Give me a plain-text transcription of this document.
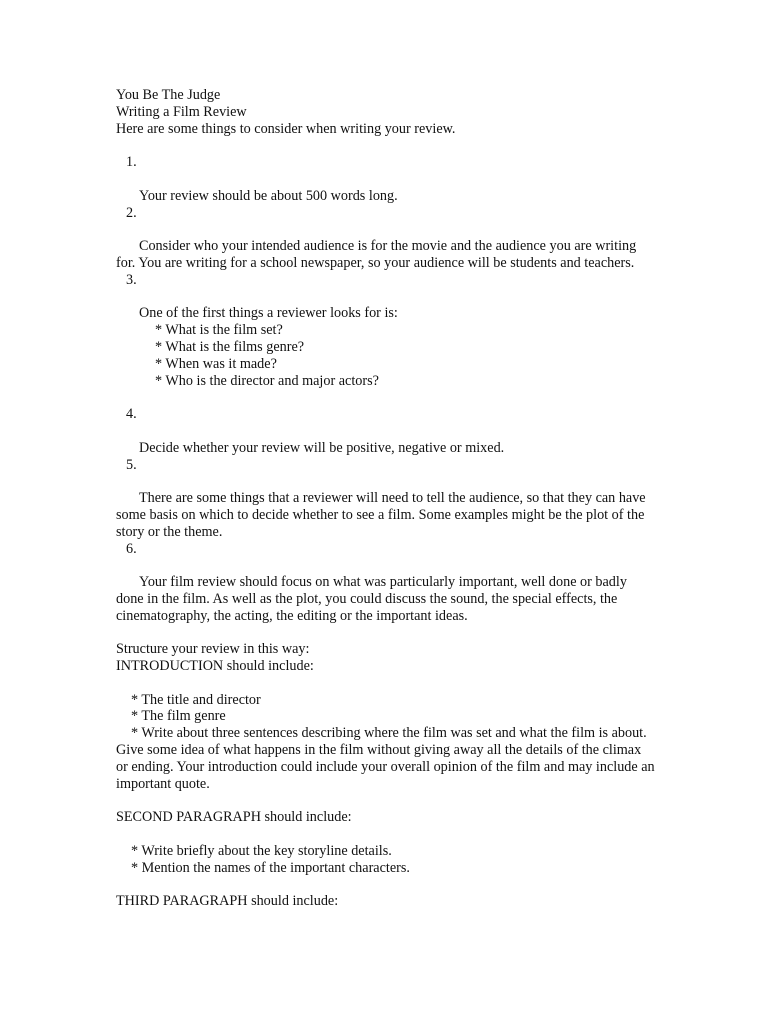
You Be The Judge
Writing a Film Review
Here are some things to consider when writing your review.
1.
Your review should be about 500 words long.
2.
Consider who your intended audience is for the movie and the audience you are writing for. You are writing for a school newspaper, so your audience will be students and teachers.
3.
One of the first things a reviewer looks for is:
* What is the film set?
* What is the films genre?
* When was it made?
* Who is the director and major actors?
4.
Decide whether your review will be positive, negative or mixed.
5.
There are some things that a reviewer will need to tell the audience, so that they can have some basis on which to decide whether to see a film. Some examples might be the plot of the story or the theme.
6.
Your film review should focus on what was particularly important, well done or badly done in the film. As well as the plot, you could discuss the sound, the special effects, the cinematography, the acting, the editing or the important ideas.
Structure your review in this way:
INTRODUCTION should include:
* The title and director
* The film genre
* Write about three sentences describing where the film was set and what the film is about. Give some idea of what happens in the film without giving away all the details of the climax or ending. Your introduction could include your overall opinion of the film and may include an important quote.
SECOND PARAGRAPH should include:
* Write briefly about the key storyline details.
* Mention the names of the important characters.
THIRD PARAGRAPH should include:
